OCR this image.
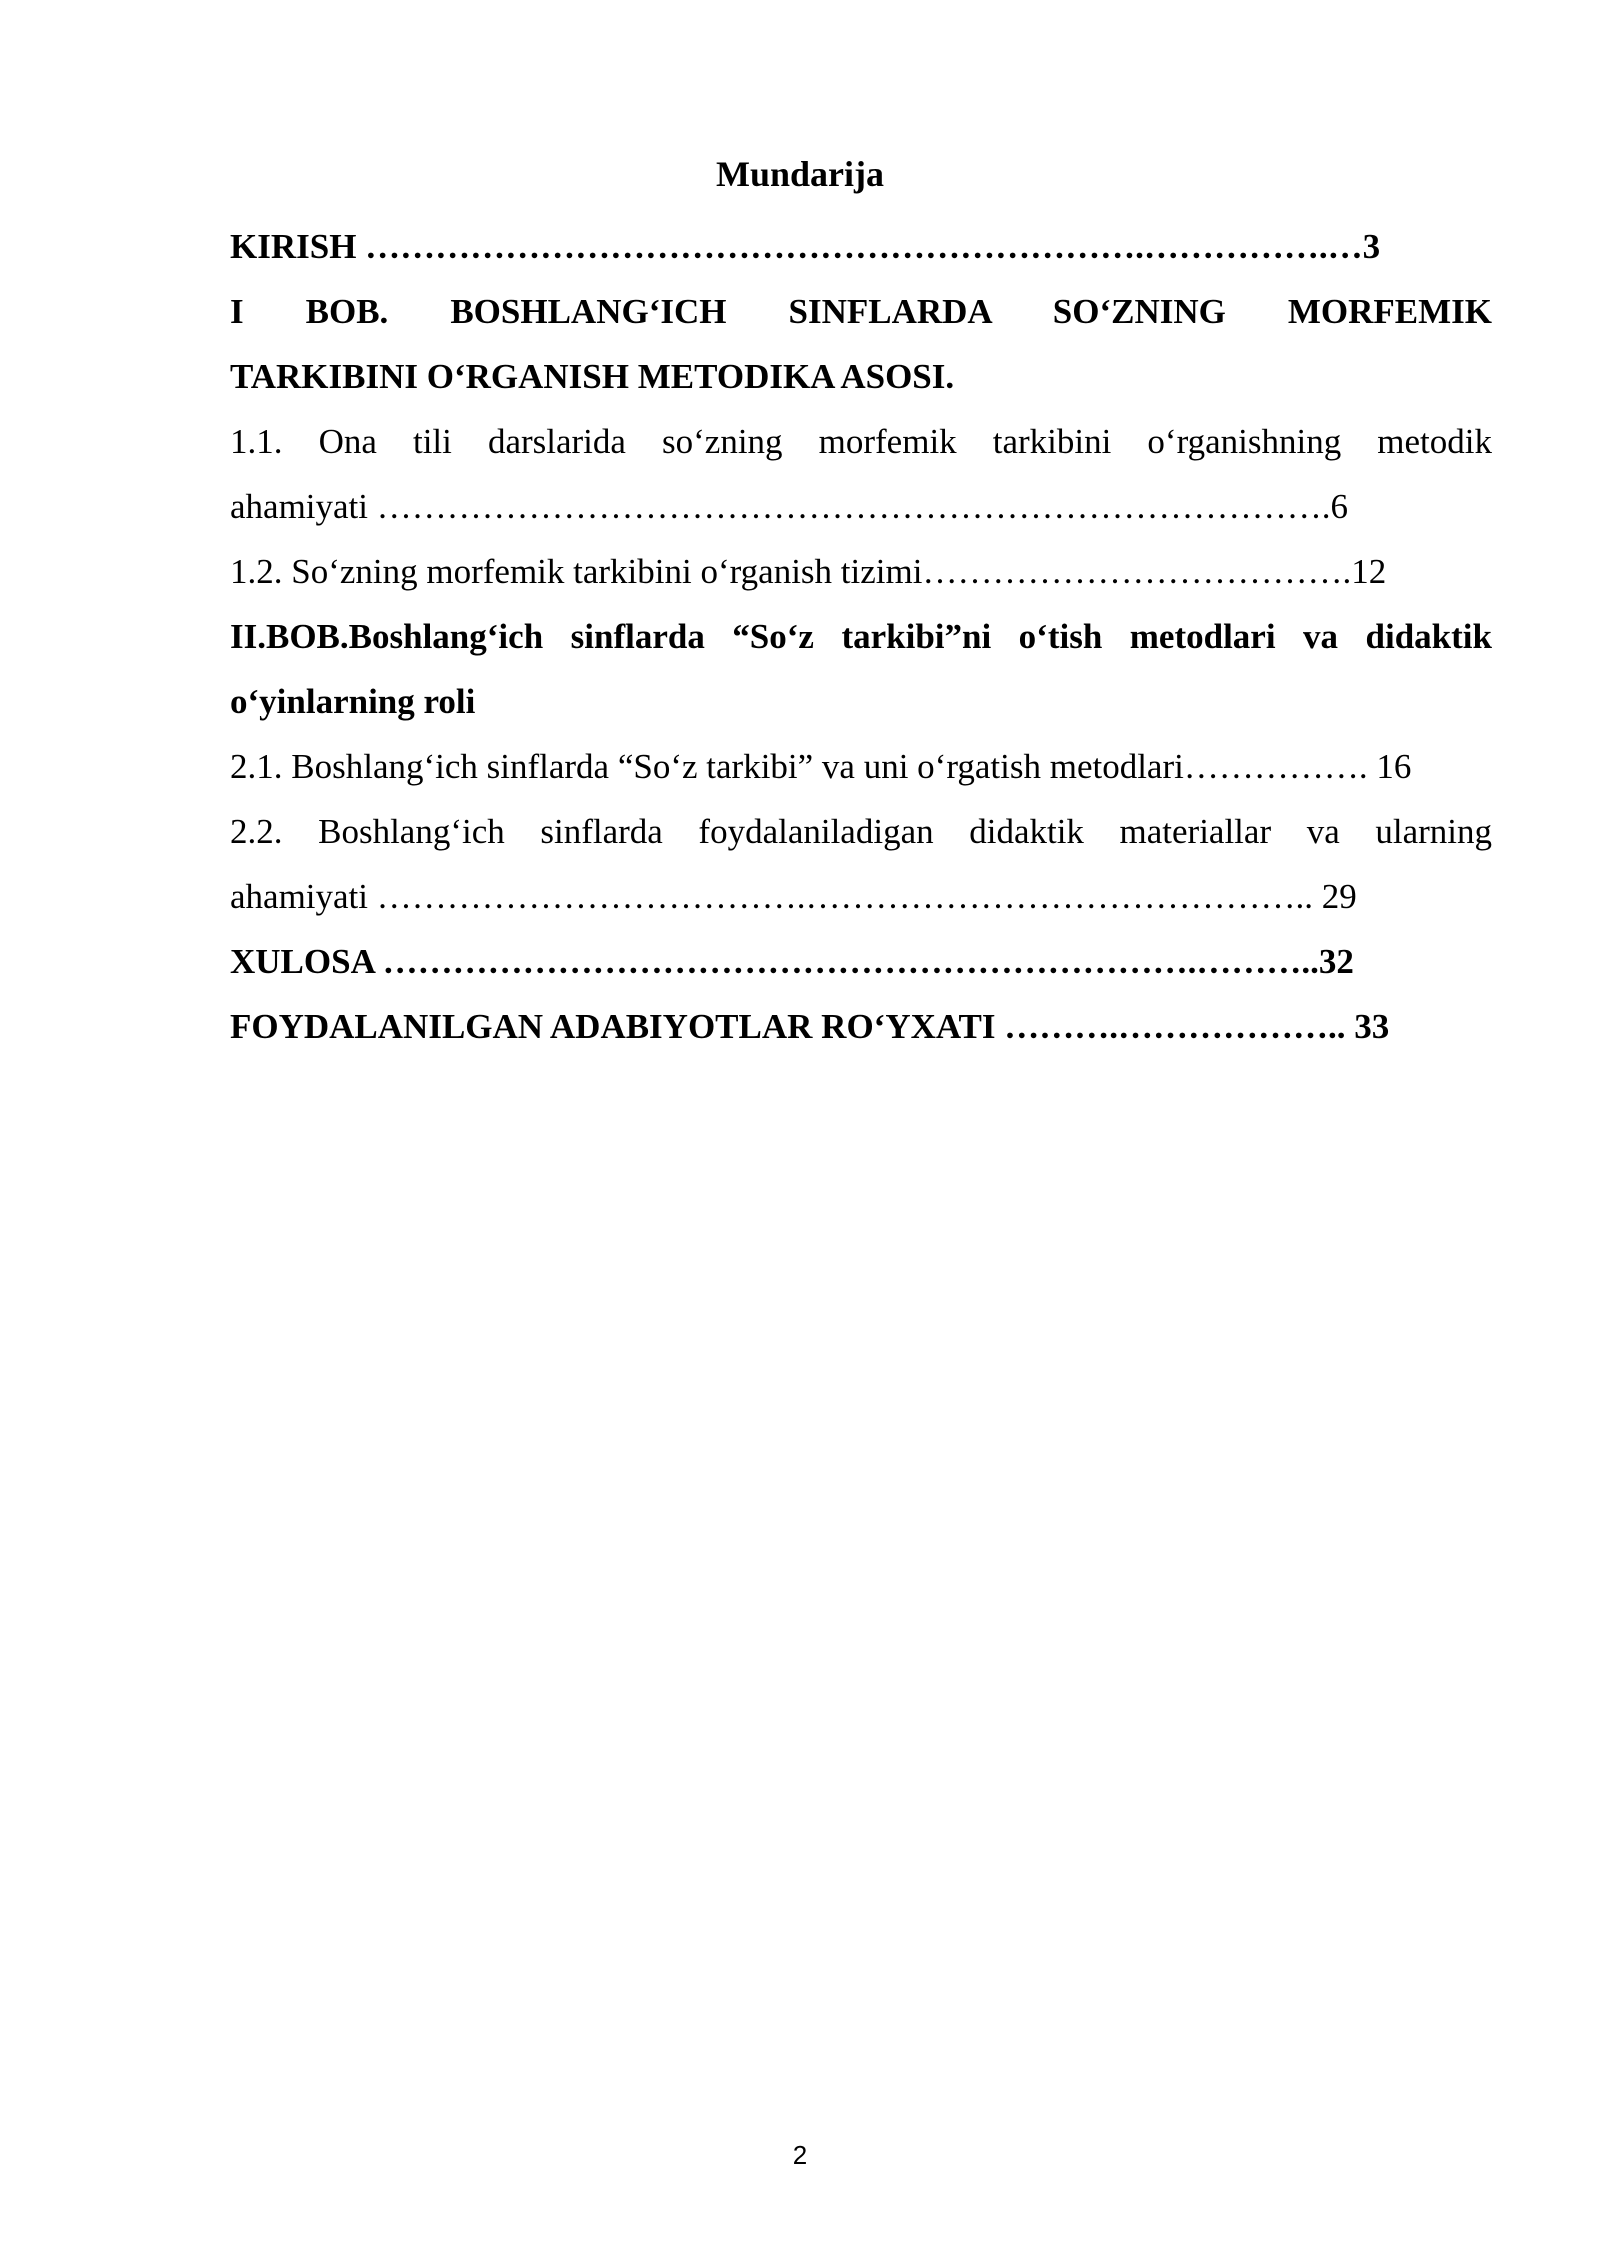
Mundarija
KIRISH ………………………………………………………….…………….…3
I BOB. BOSHLANG‘ICH SINFLARDA SO‘ZNING MORFEMIK
TARKIBINI O‘RGANISH METODIKA ASOSI.
1.1. Ona tili darslarida so‘zning morfemik tarkibini o‘rganishning metodik
ahamiyati ……………………………………………………………………….6
1.2. So‘zning morfemik tarkibini o‘rganish tizimi……………………………….12
II.BOB.Boshlang‘ich sinflarda “So‘z tarkibi”ni o‘tish metodlari va didaktik
o‘yinlarning roli
2.1. Boshlang‘ich sinflarda “So‘z tarkibi” va uni o‘rgatish metodlari……………. 16
2.2. Boshlang‘ich sinflarda foydalaniladigan didaktik materiallar va ularning
ahamiyati ……………………………….…………………………………….. 29
XULOSA …………………………………………………………….………..32
FOYDALANILGAN ADABIYOTLAR RO‘YXATI ……….……………….. 33
2
